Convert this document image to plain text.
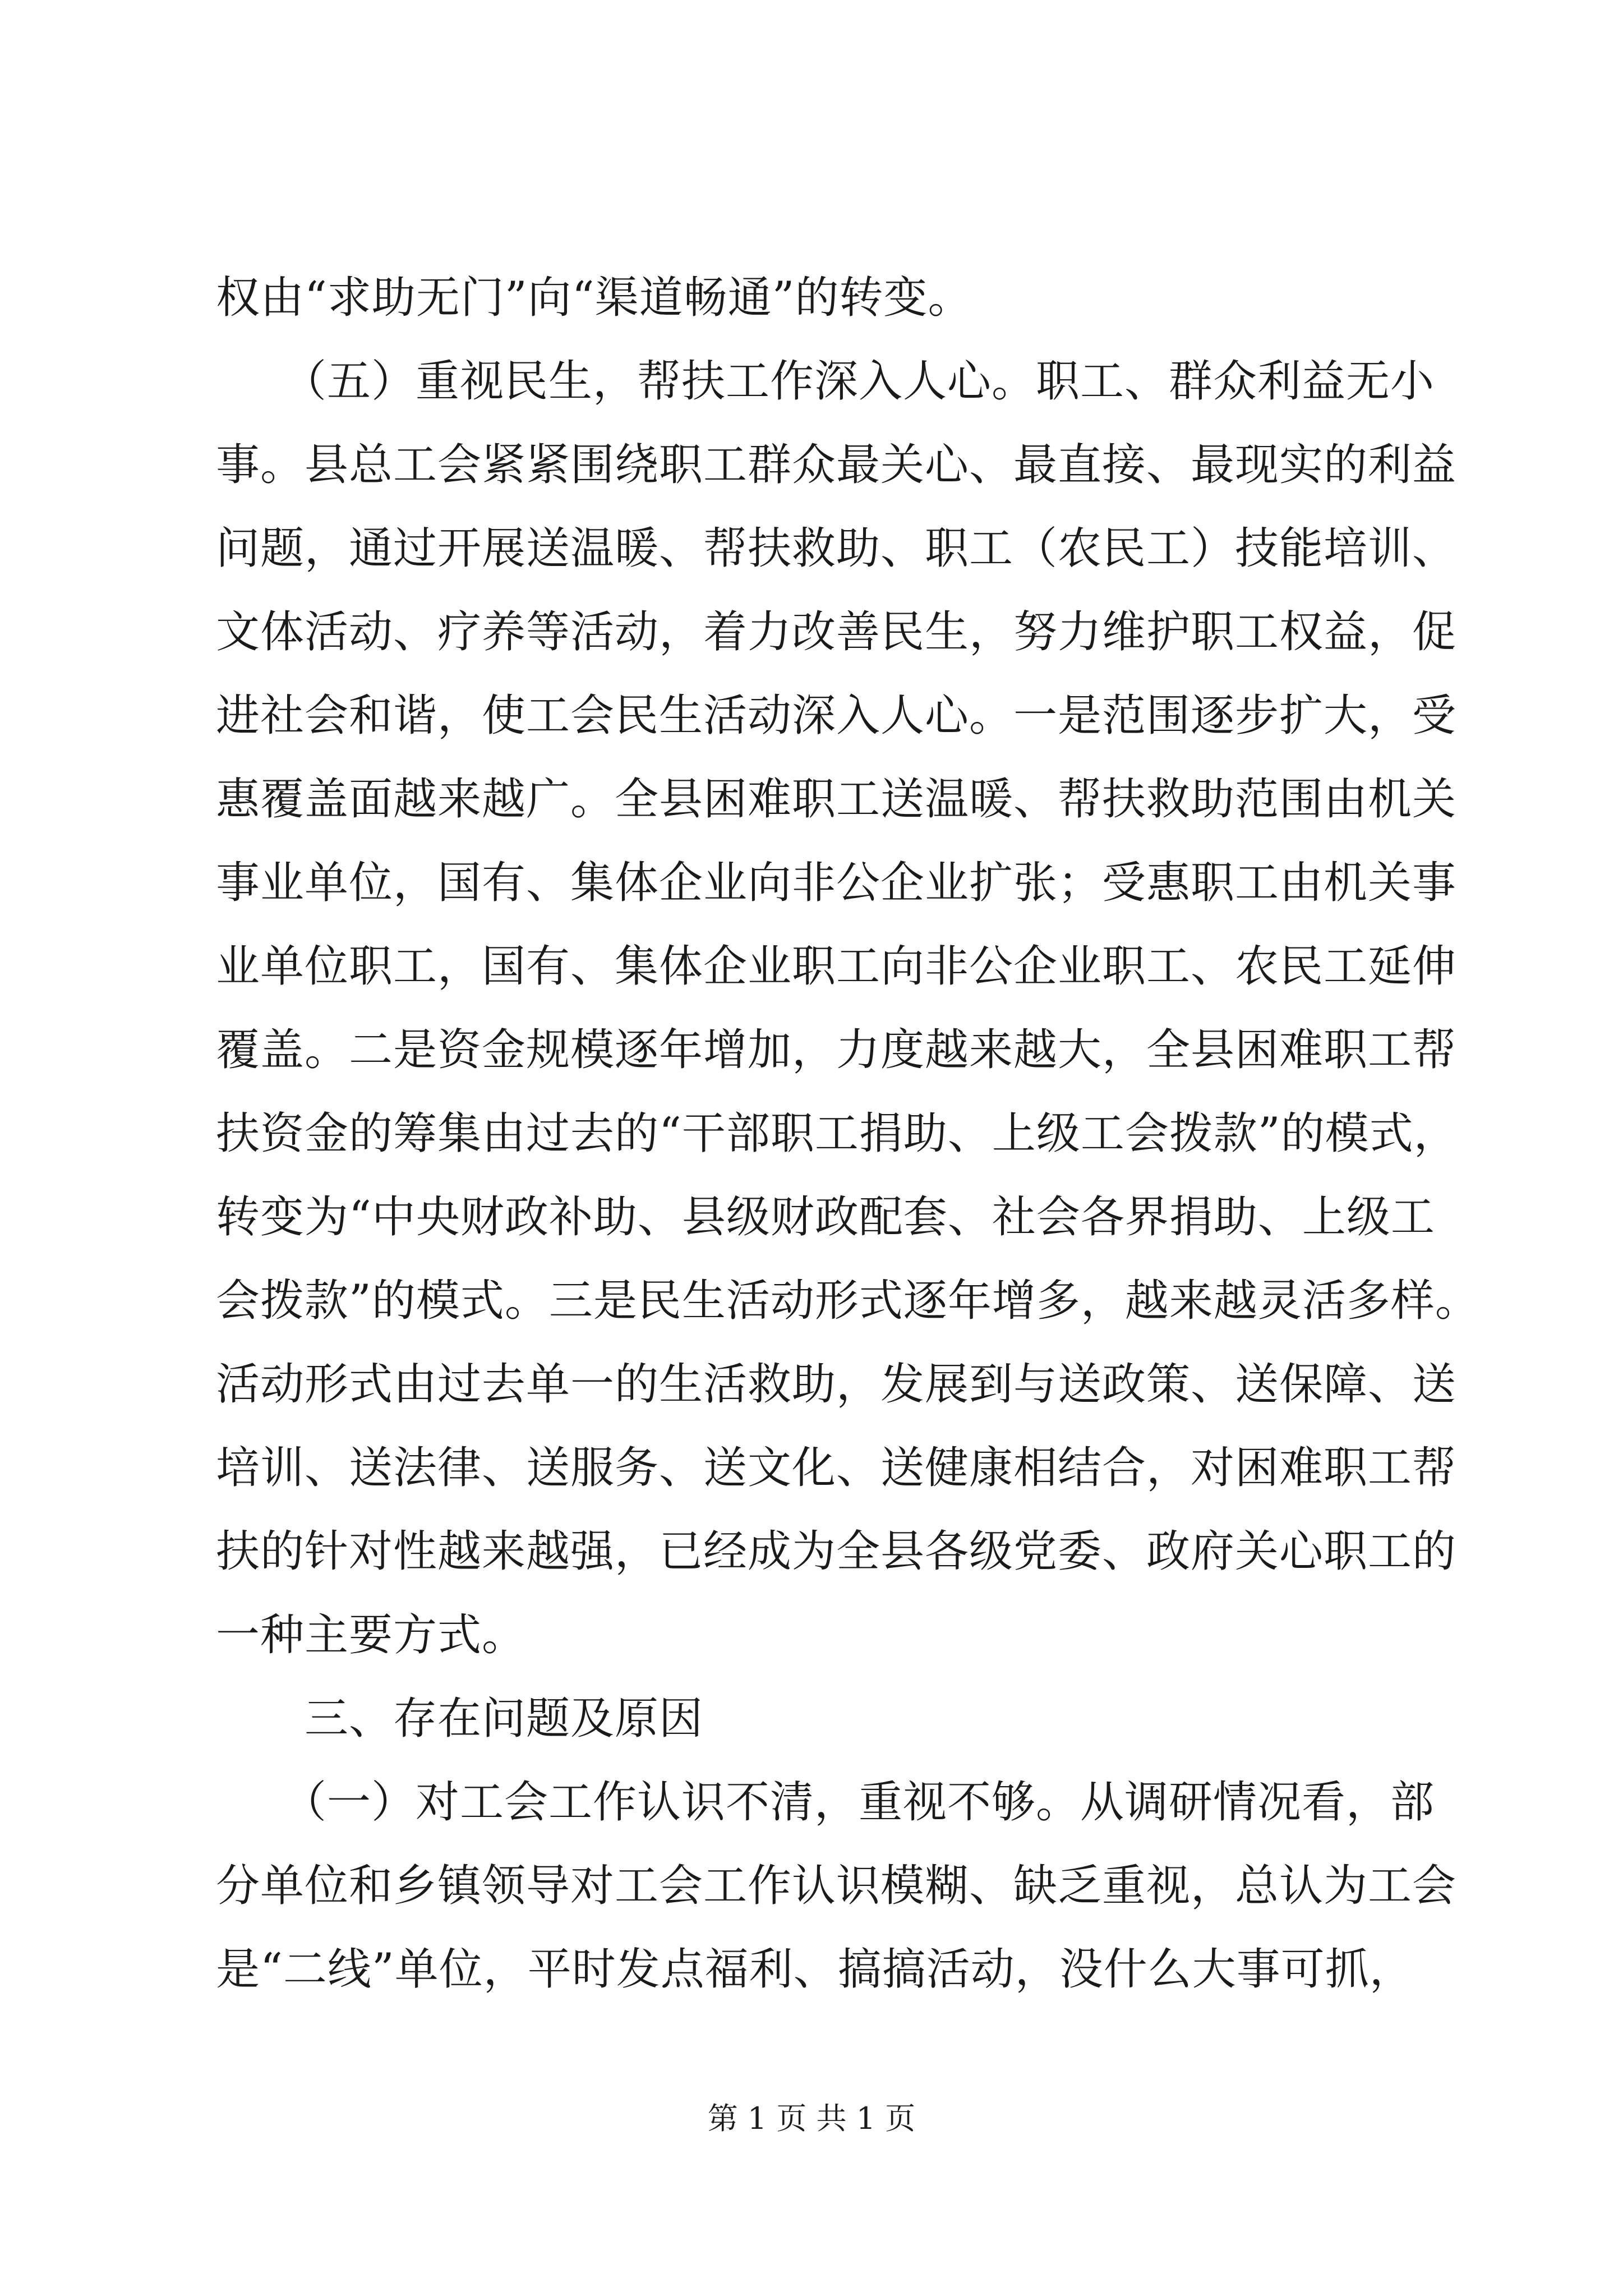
权由“求助无门”向“渠道畅通”的转变。
　　（五）重视民生，帮扶工作深入人心。职工、群众利益无小
事。县总工会紧紧围绕职工群众最关心、最直接、最现实的利益
问题，通过开展送温暖、帮扶救助、职工（农民工）技能培训、
文体活动、疗养等活动，着力改善民生，努力维护职工权益，促
进社会和谐，使工会民生活动深入人心。一是范围逐步扩大，受
惠覆盖面越来越广。全县困难职工送温暖、帮扶救助范围由机关
事业单位，国有、集体企业向非公企业扩张；受惠职工由机关事
业单位职工，国有、集体企业职工向非公企业职工、农民工延伸
覆盖。二是资金规模逐年增加，力度越来越大，全县困难职工帮
扶资金的筹集由过去的“干部职工捐助、上级工会拨款”的模式，
转变为“中央财政补助、县级财政配套、社会各界捐助、上级工
会拨款”的模式。三是民生活动形式逐年增多，越来越灵活多样。
活动形式由过去单一的生活救助，发展到与送政策、送保障、送
培训、送法律、送服务、送文化、送健康相结合，对困难职工帮
扶的针对性越来越强，已经成为全县各级党委、政府关心职工的
一种主要方式。
　　三、存在问题及原因
　　（一）对工会工作认识不清，重视不够。从调研情况看，部
分单位和乡镇领导对工会工作认识模糊、缺乏重视，总认为工会
是“二线”单位，平时发点福利、搞搞活动，没什么大事可抓，
第 1 页 共 1 页
